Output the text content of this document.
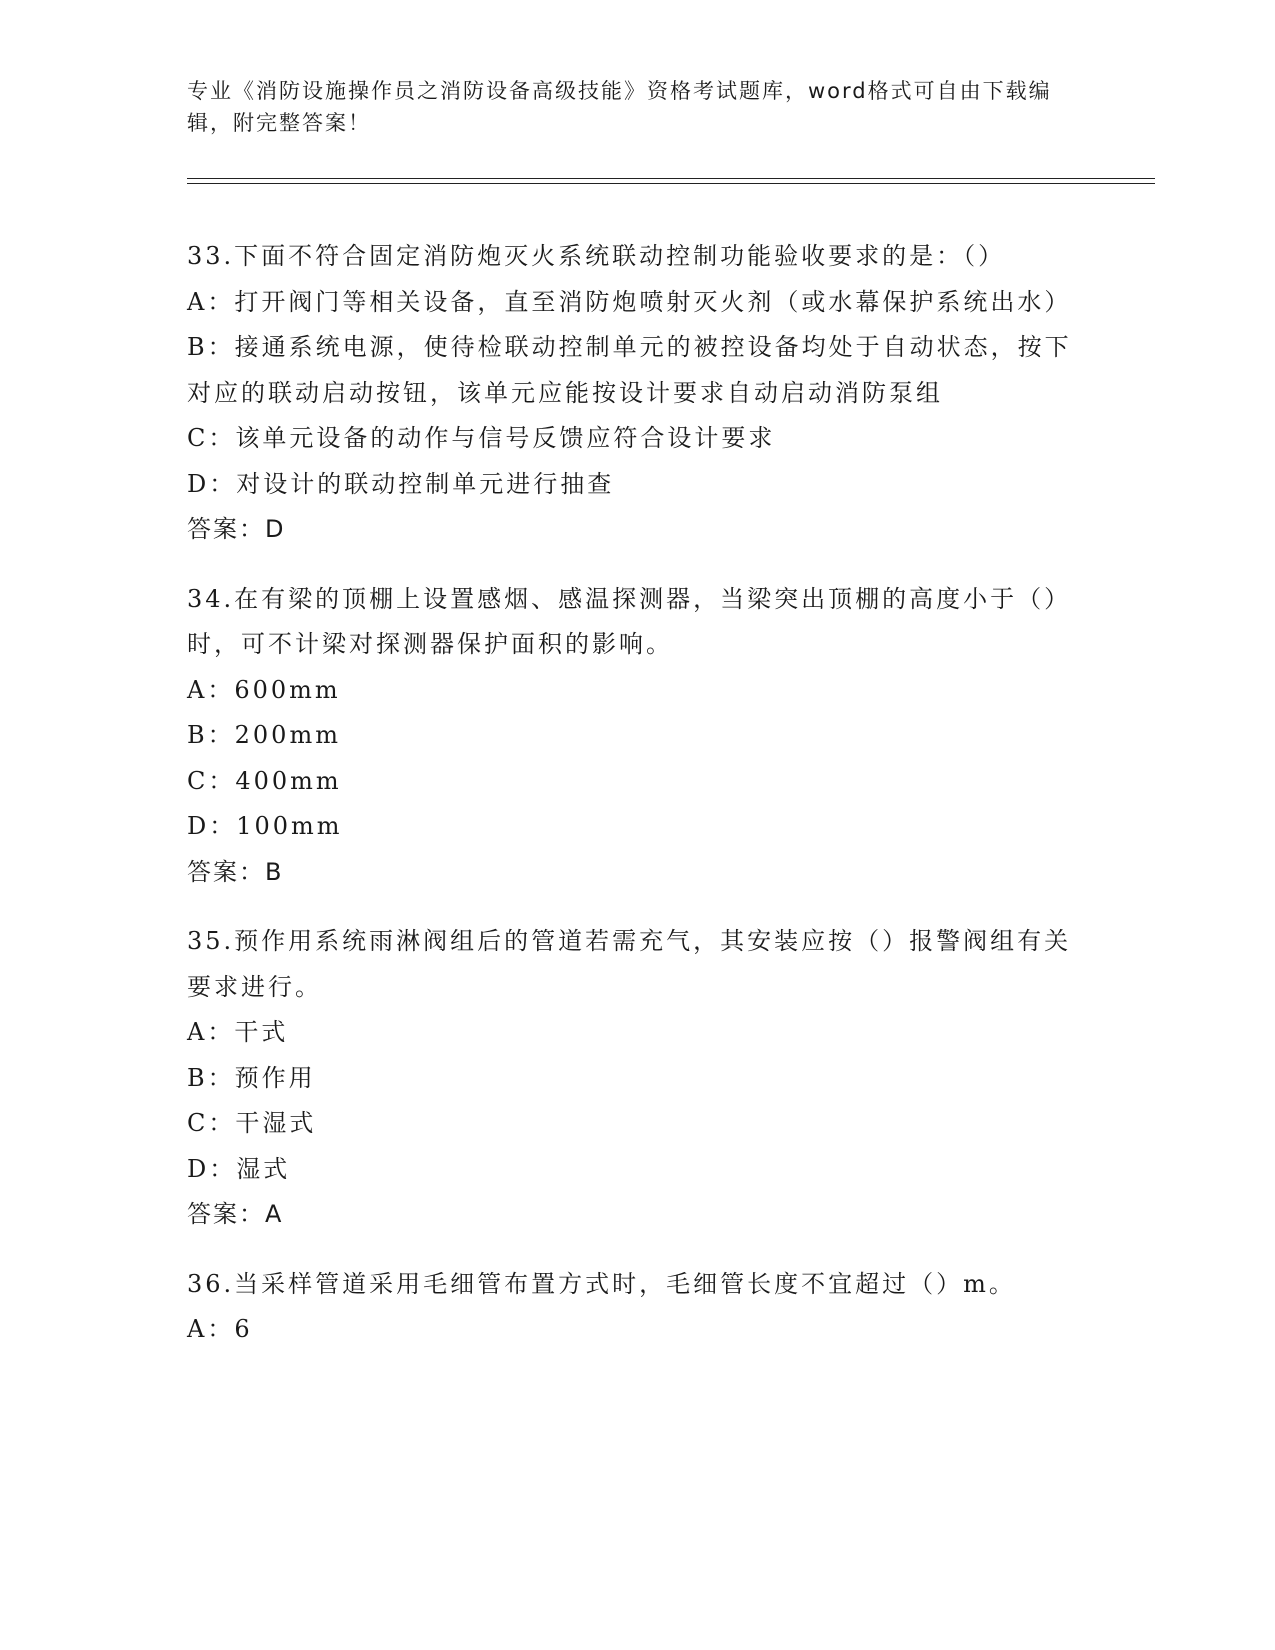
专业《消防设施操作员之消防设备高级技能》资格考试题库，word格式可自由下载编辑，附完整答案！
33.下面不符合固定消防炮灭火系统联动控制功能验收要求的是：（）
A：打开阀门等相关设备，直至消防炮喷射灭火剂（或水幕保护系统出水）
B：接通系统电源，使待检联动控制单元的被控设备均处于自动状态，按下对应的联动启动按钮，该单元应能按设计要求自动启动消防泵组
C：该单元设备的动作与信号反馈应符合设计要求
D：对设计的联动控制单元进行抽查
答案：D
34.在有梁的顶棚上设置感烟、感温探测器，当梁突出顶棚的高度小于（）时，可不计梁对探测器保护面积的影响。
A：600mm
B：200mm
C：400mm
D：100mm
答案：B
35.预作用系统雨淋阀组后的管道若需充气，其安装应按（）报警阀组有关要求进行。
A：干式
B：预作用
C：干湿式
D：湿式
答案：A
36.当采样管道采用毛细管布置方式时，毛细管长度不宜超过（）m。
A：6
